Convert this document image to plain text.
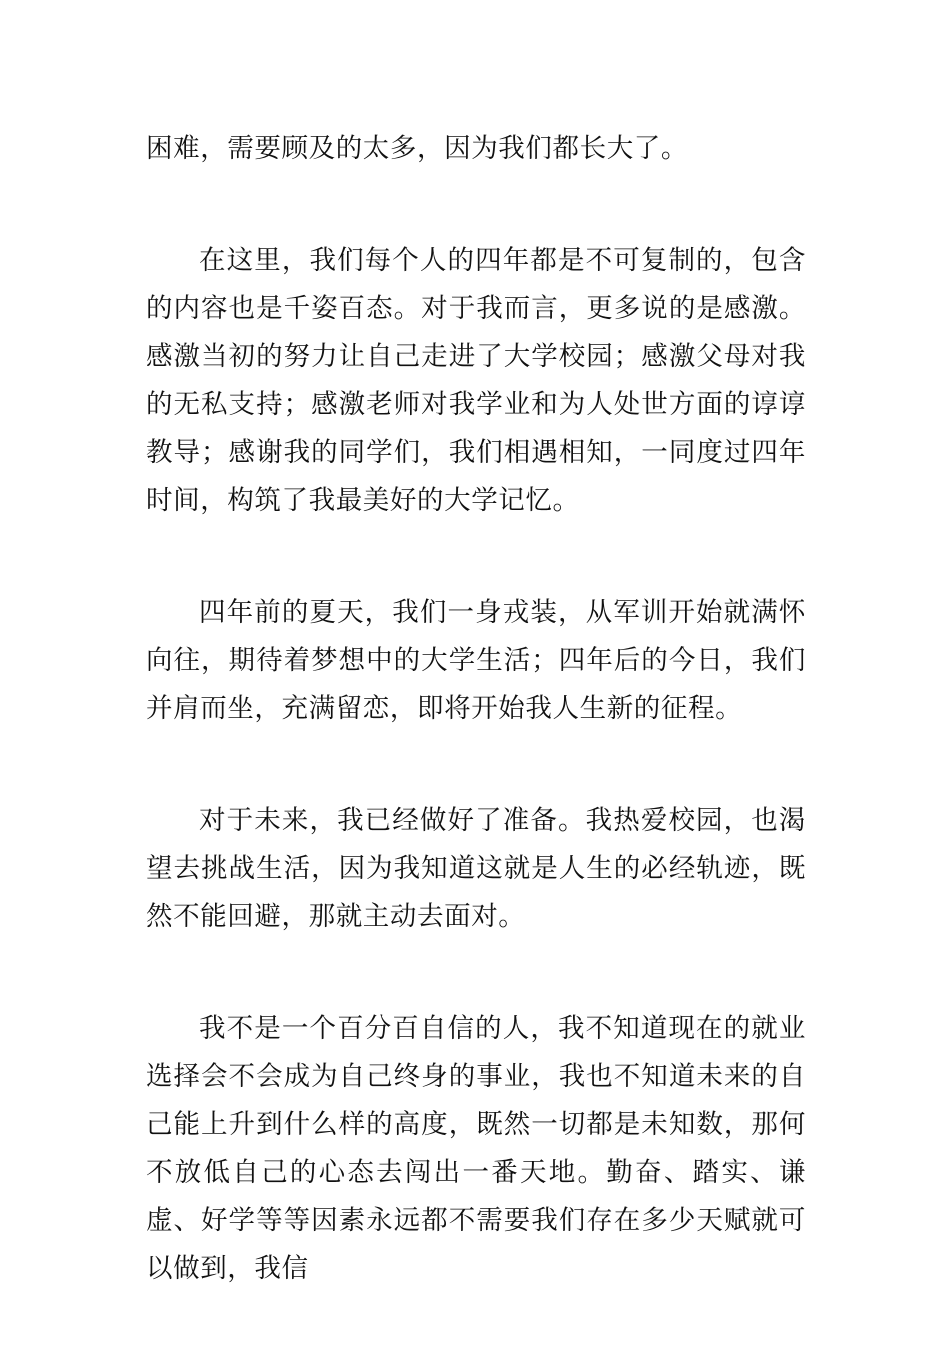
困难，需要顾及的太多，因为我们都长大了。

在这里，我们每个人的四年都是不可复制的，包含的内容也是千姿百态。对于我而言，更多说的是感激。感激当初的努力让自己走进了大学校园；感激父母对我的无私支持；感激老师对我学业和为人处世方面的谆谆教导；感谢我的同学们，我们相遇相知，一同度过四年时间，构筑了我最美好的大学记忆。

四年前的夏天，我们一身戎装，从军训开始就满怀向往，期待着梦想中的大学生活；四年后的今日，我们并肩而坐，充满留恋，即将开始我人生新的征程。

对于未来，我已经做好了准备。我热爱校园，也渴望去挑战生活，因为我知道这就是人生的必经轨迹，既然不能回避，那就主动去面对。

我不是一个百分百自信的人，我不知道现在的就业选择会不会成为自己终身的事业，我也不知道未来的自己能上升到什么样的高度，既然一切都是未知数，那何不放低自己的心态去闯出一番天地。勤奋、踏实、谦虚、好学等等因素永远都不需要我们存在多少天赋就可以做到，我信
